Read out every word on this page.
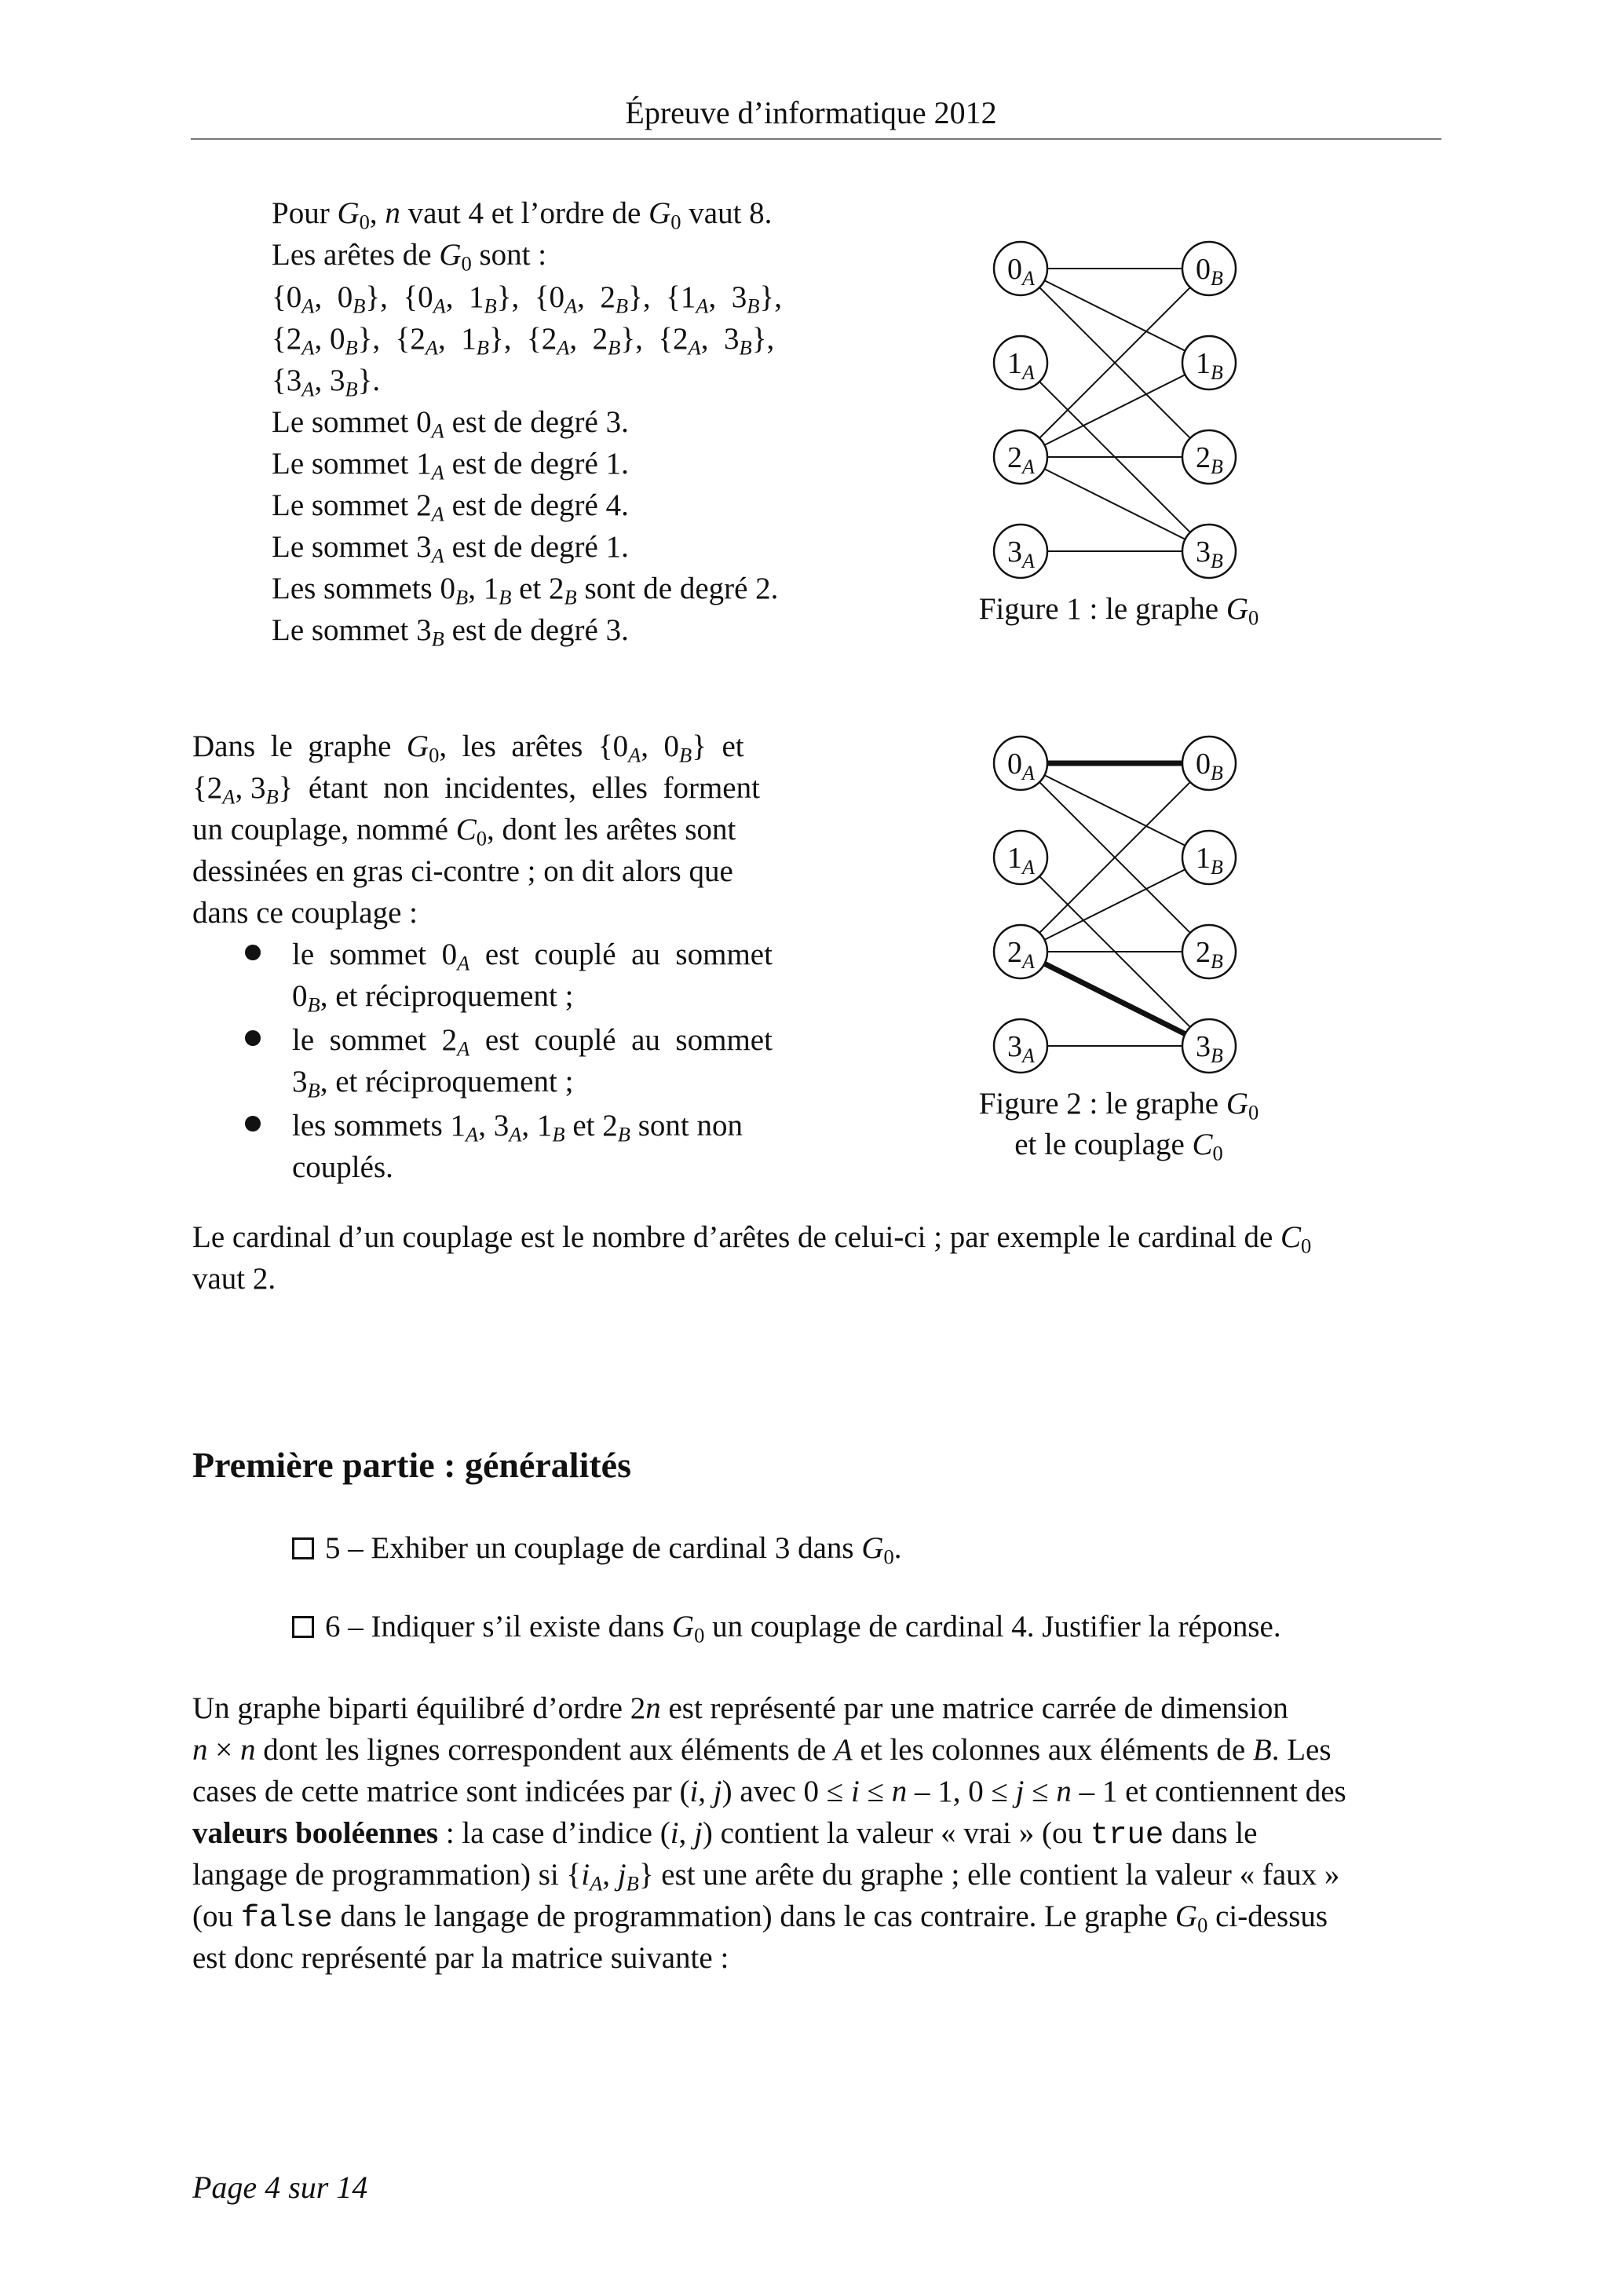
Épreuve d’informatique 2012
Pour $G_0$, n vaut 4 et l’ordre de $G_0$ vaut 8.
Les arêtes de $G_0$ sont :
{$0_A$,  $0_B$},  {$0_A$,  $1_B$},  {$0_A$,  $2_B$},  {$1_A$,  $3_B$},
{$2_A$, $0_B$},  {$2_A$,  $1_B$},  {$2_A$,  $2_B$},  {$2_A$,  $3_B$},
{$3_A$, $3_B$}.
Le sommet $0_A$ est de degré 3.
Le sommet $1_A$ est de degré 1.
Le sommet $2_A$ est de degré 4.
Le sommet $3_A$ est de degré 1.
Les sommets $0_B$, $1_B$ et $2_B$ sont de degré 2.
Le sommet $3_B$ est de degré 3.
$0_A$
$1_A$
$2_A$
$3_A$
$0_B$
$1_B$
$2_B$
$3_B$
Figure 1 : le graphe $G_0$
Dans  le  graphe  $G_0$,  les  arêtes  {$0_A$,  $0_B$}  et
{$2_A$, $3_B$}  étant  non  incidentes,  elles  forment
un couplage, nommé $C_0$, dont les arêtes sont
dessinées en gras ci-contre ; on dit alors que
dans ce couplage :
le  sommet  $0_A$  est  couplé  au  sommet
$0_B$, et réciproquement ;
le  sommet  $2_A$  est  couplé  au  sommet
$3_B$, et réciproquement ;
les sommets $1_A$, $3_A$, $1_B$ et $2_B$ sont non
couplés.
$0_A$
$1_A$
$2_A$
$3_A$
$0_B$
$1_B$
$2_B$
$3_B$
Figure 2 : le graphe $G_0$
et le couplage $C_0$
Le cardinal d’un couplage est le nombre d’arêtes de celui-ci ; par exemple le cardinal de $C_0$
vaut 2.
Première partie : généralités
5 – Exhiber un couplage de cardinal 3 dans $G_0$.
6 – Indiquer s’il existe dans $G_0$ un couplage de cardinal 4. Justifier la réponse.
Un graphe biparti équilibré d’ordre 2n est représenté par une matrice carrée de dimension
n × n dont les lignes correspondent aux éléments de A et les colonnes aux éléments de B. Les
cases de cette matrice sont indicées par (i, j) avec 0 ≤ i ≤ n – 1, 0 ≤ j ≤ n – 1 et contiennent des
valeurs booléennes : la case d’indice (i, j) contient la valeur « vrai » (ou true dans le
langage de programmation) si {$i_A$, $j_B$} est une arête du graphe ; elle contient la valeur « faux »
(ou false dans le langage de programmation) dans le cas contraire. Le graphe $G_0$ ci-dessus
est donc représenté par la matrice suivante :
Page 4 sur 14
